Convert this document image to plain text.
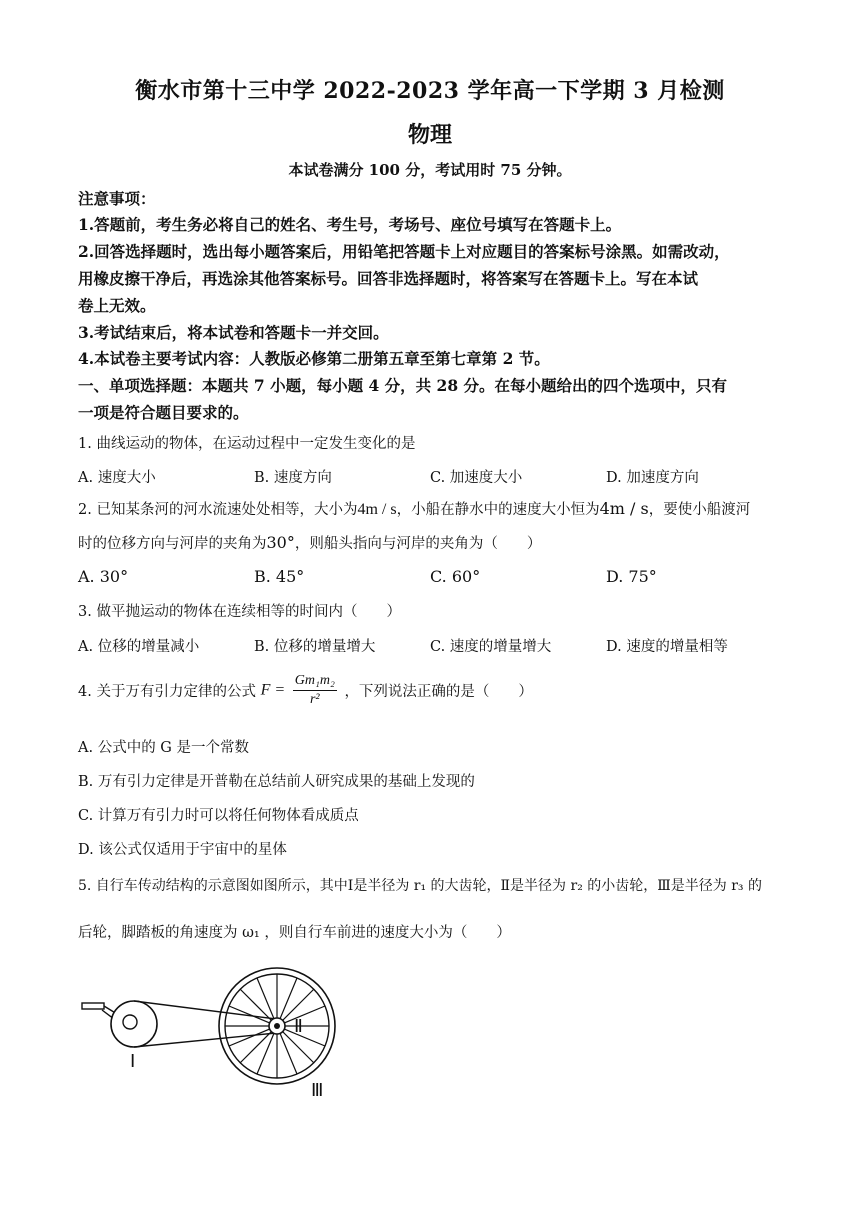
衡水市第十三中学 2022-2023 学年高一下学期 3 月检测
物理
本试卷满分 100 分，考试用时 75 分钟。
注意事项：
1.答题前，考生务必将自己的姓名、考生号，考场号、座位号填写在答题卡上。
2.回答选择题时，选出每小题答案后，用铅笔把答题卡上对应题目的答案标号涂黑。如需改动，
用橡皮擦干净后，再选涂其他答案标号。回答非选择题时，将答案写在答题卡上。写在本试
卷上无效。
3.考试结束后，将本试卷和答题卡一并交回。
4.本试卷主要考试内容：人教版必修第二册第五章至第七章第 2 节。
一、单项选择题：本题共 7 小题，每小题 4 分，共 28 分。在每小题给出的四个选项中，只有
一项是符合题目要求的。
1. 曲线运动的物体，在运动过程中一定发生变化的是
A. 速度大小	B. 速度方向	C. 加速度大小	D. 加速度方向
2. 已知某条河的河水流速处处相等，大小为4m / s，小船在静水中的速度大小恒为4m / s，要使小船渡河
时的位移方向与河岸的夹角为30°，则船头指向与河岸的夹角为（　　）
A. 30°	B. 45°	C. 60°	D. 75°
3. 做平抛运动的物体在连续相等的时间内（　　）
A. 位移的增量减小	B. 位移的增量增大	C. 速度的增量增大	D. 速度的增量相等
4. 关于万有引力定律的公式 $F = \frac{\text{Gm₁m₂}}{\text{r²}}$ ，下列说法正确的是（　　）
A. 公式中的 G 是一个常数
B. 万有引力定律是开普勒在总结前人研究成果的基础上发现的
C. 计算万有引力时可以将任何物体看成质点
D. 该公式仅适用于宇宙中的星体
5. 自行车传动结构的示意图如图所示，其中Ⅰ是半径为 r₁ 的大齿轮，Ⅱ是半径为 r₂ 的小齿轮，Ⅲ是半径为 r₃ 的
后轮，脚踏板的角速度为 ω₁ ，则自行车前进的速度大小为（　　）
Ⅰ
Ⅱ
Ⅲ
